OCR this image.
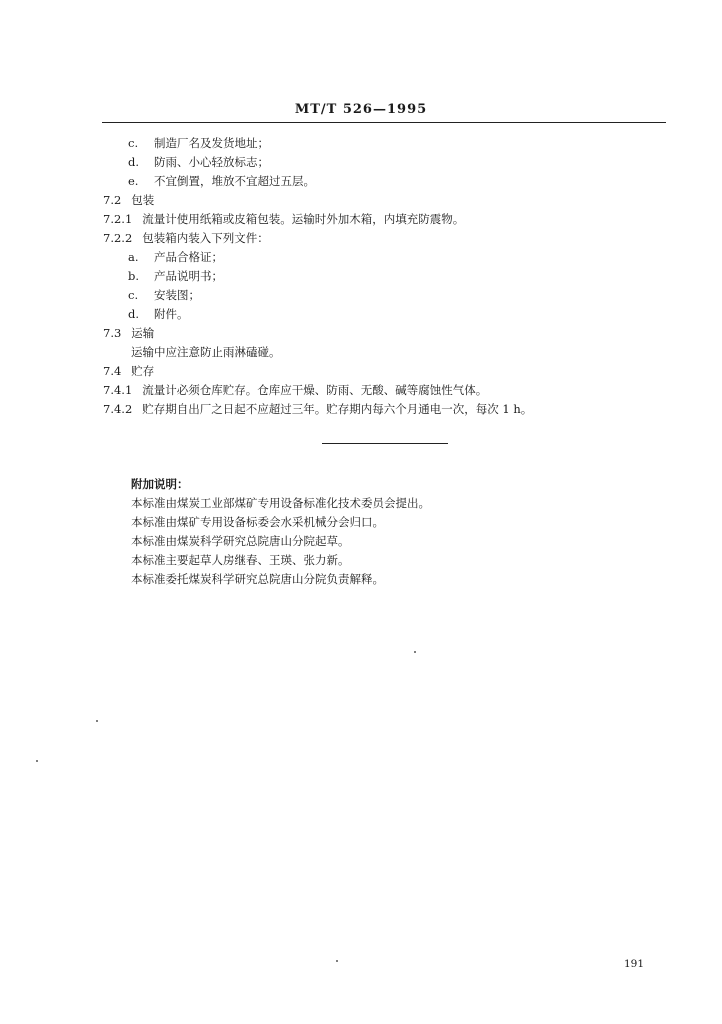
MT/T 526—1995
c. 制造厂名及发货地址；
d. 防雨、小心轻放标志；
e. 不宜倒置，堆放不宜超过五层。
7.2 包装
7.2.1 流量计使用纸箱或皮箱包装。运输时外加木箱，内填充防震物。
7.2.2 包装箱内装入下列文件：
a. 产品合格证；
b. 产品说明书；
c. 安装图；
d. 附件。
7.3 运输
运输中应注意防止雨淋磕碰。
7.4 贮存
7.4.1 流量计必须仓库贮存。仓库应干燥、防雨、无酸、碱等腐蚀性气体。
7.4.2 贮存期自出厂之日起不应超过三年。贮存期内每六个月通电一次，每次 1 h。
附加说明：
本标准由煤炭工业部煤矿专用设备标准化技术委员会提出。
本标准由煤矿专用设备标委会水采机械分会归口。
本标准由煤炭科学研究总院唐山分院起草。
本标准主要起草人房继春、王瑛、张力新。
本标准委托煤炭科学研究总院唐山分院负责解释。
191
